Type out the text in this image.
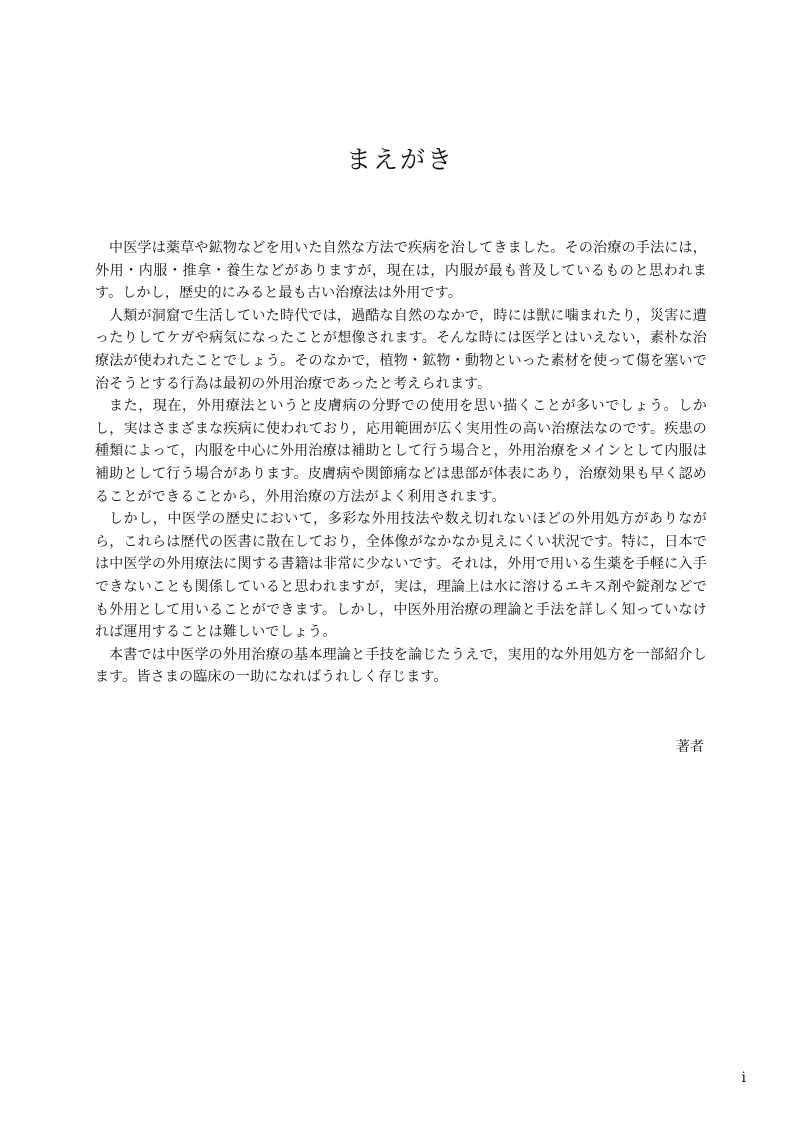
まえがき

中医学は薬草や鉱物などを用いた自然な方法で疾病を治してきました。その治療の手法には，外用・内服・推拿・養生などがありますが，現在は，内服が最も普及しているものと思われます。しかし，歴史的にみると最も古い治療法は外用です。

人類が洞窟で生活していた時代では，過酷な自然のなかで，時には獣に噛まれたり，災害に遭ったりしてケガや病気になったことが想像されます。そんな時には医学とはいえない，素朴な治療法が使われたことでしょう。そのなかで，植物・鉱物・動物といった素材を使って傷を塞いで治そうとする行為は最初の外用治療であったと考えられます。

また，現在，外用療法というと皮膚病の分野での使用を思い描くことが多いでしょう。しかし，実はさまざまな疾病に使われており，応用範囲が広く実用性の高い治療法なのです。疾患の種類によって，内服を中心に外用治療は補助として行う場合と，外用治療をメインとして内服は補助として行う場合があります。皮膚病や関節痛などは患部が体表にあり，治療効果も早く認めることができることから，外用治療の方法がよく利用されます。

しかし，中医学の歴史において，多彩な外用技法や数え切れないほどの外用処方がありながら，これらは歴代の医書に散在しており，全体像がなかなか見えにくい状況です。特に，日本では中医学の外用療法に関する書籍は非常に少ないです。それは，外用で用いる生薬を手軽に入手できないことも関係していると思われますが，実は，理論上は水に溶けるエキス剤や錠剤などでも外用として用いることができます。しかし，中医外用治療の理論と手法を詳しく知っていなければ運用することは難しいでしょう。

本書では中医学の外用治療の基本理論と手技を論じたうえで，実用的な外用処方を一部紹介します。皆さまの臨床の一助になればうれしく存じます。

著者

i
